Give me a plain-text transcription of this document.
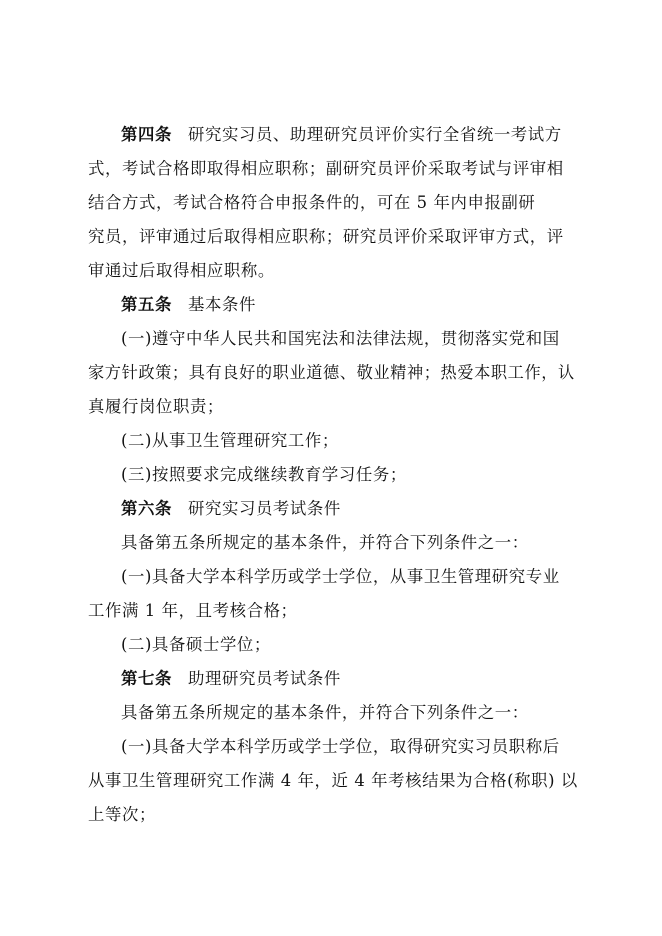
第四条 研究实习员、助理研究员评价实行全省统一考试方
式，考试合格即取得相应职称；副研究员评价采取考试与评审相
结合方式，考试合格符合申报条件的，可在 5 年内申报副研
究员，评审通过后取得相应职称；研究员评价采取评审方式，评
审通过后取得相应职称。
第五条 基本条件
(一)遵守中华人民共和国宪法和法律法规，贯彻落实党和国
家方针政策；具有良好的职业道德、敬业精神；热爱本职工作，认
真履行岗位职责；
(二)从事卫生管理研究工作；
(三)按照要求完成继续教育学习任务；
第六条 研究实习员考试条件
具备第五条所规定的基本条件，并符合下列条件之一：
(一)具备大学本科学历或学士学位，从事卫生管理研究专业
工作满 1 年，且考核合格；
(二)具备硕士学位；
第七条 助理研究员考试条件
具备第五条所规定的基本条件，并符合下列条件之一：
(一)具备大学本科学历或学士学位，取得研究实习员职称后
从事卫生管理研究工作满 4 年，近 4 年考核结果为合格(称职) 以
上等次；
